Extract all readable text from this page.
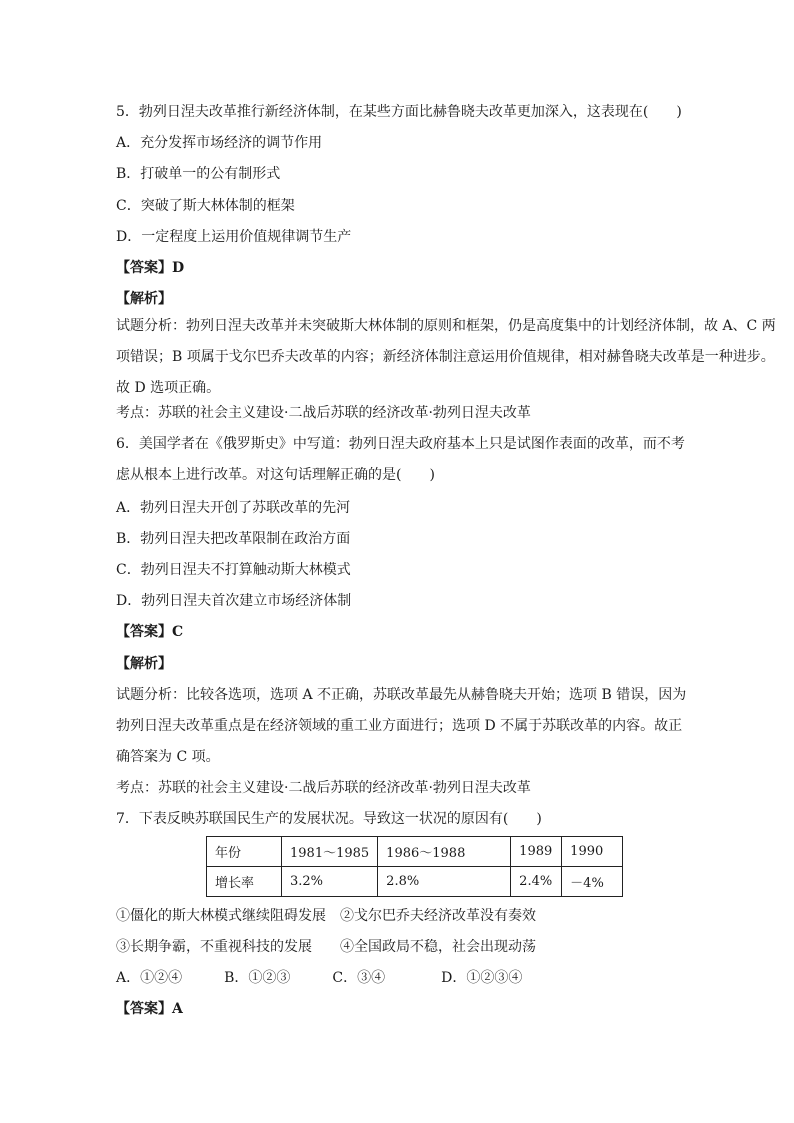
5．勃列日涅夫改革推行新经济体制，在某些方面比赫鲁晓夫改革更加深入，这表现在(　　)
A．充分发挥市场经济的调节作用
B．打破单一的公有制形式
C．突破了斯大林体制的框架
D．一定程度上运用价值规律调节生产
【答案】D
【解析】
试题分析：勃列日涅夫改革并未突破斯大林体制的原则和框架，仍是高度集中的计划经济体制，故 A、C 两
项错误；B 项属于戈尔巴乔夫改革的内容；新经济体制注意运用价值规律，相对赫鲁晓夫改革是一种进步。
故 D 选项正确。
考点：苏联的社会主义建设·二战后苏联的经济改革·勃列日涅夫改革
6．美国学者在《俄罗斯史》中写道：勃列日涅夫政府基本上只是试图作表面的改革，而不考
虑从根本上进行改革。对这句话理解正确的是(　　)
A．勃列日涅夫开创了苏联改革的先河
B．勃列日涅夫把改革限制在政治方面
C．勃列日涅夫不打算触动斯大林模式
D．勃列日涅夫首次建立市场经济体制
【答案】C
【解析】
试题分析：比较各选项，选项 A 不正确，苏联改革最先从赫鲁晓夫开始；选项 B 错误，因为
勃列日涅夫改革重点是在经济领域的重工业方面进行；选项 D 不属于苏联改革的内容。故正
确答案为 C 项。
考点：苏联的社会主义建设·二战后苏联的经济改革·勃列日涅夫改革
7．下表反映苏联国民生产的发展状况。导致这一状况的原因有(　　)
年份	1981～1985	1986～1988	1989	1990
增长率	3.2%	2.8%	2.4%	－4%
①僵化的斯大林模式继续阻碍发展　②戈尔巴乔夫经济改革没有奏效
③长期争霸，不重视科技的发展　　④全国政局不稳，社会出现动荡
A．①②④　　　B．①②③　　　C．③④　　　　D．①②③④
【答案】A
